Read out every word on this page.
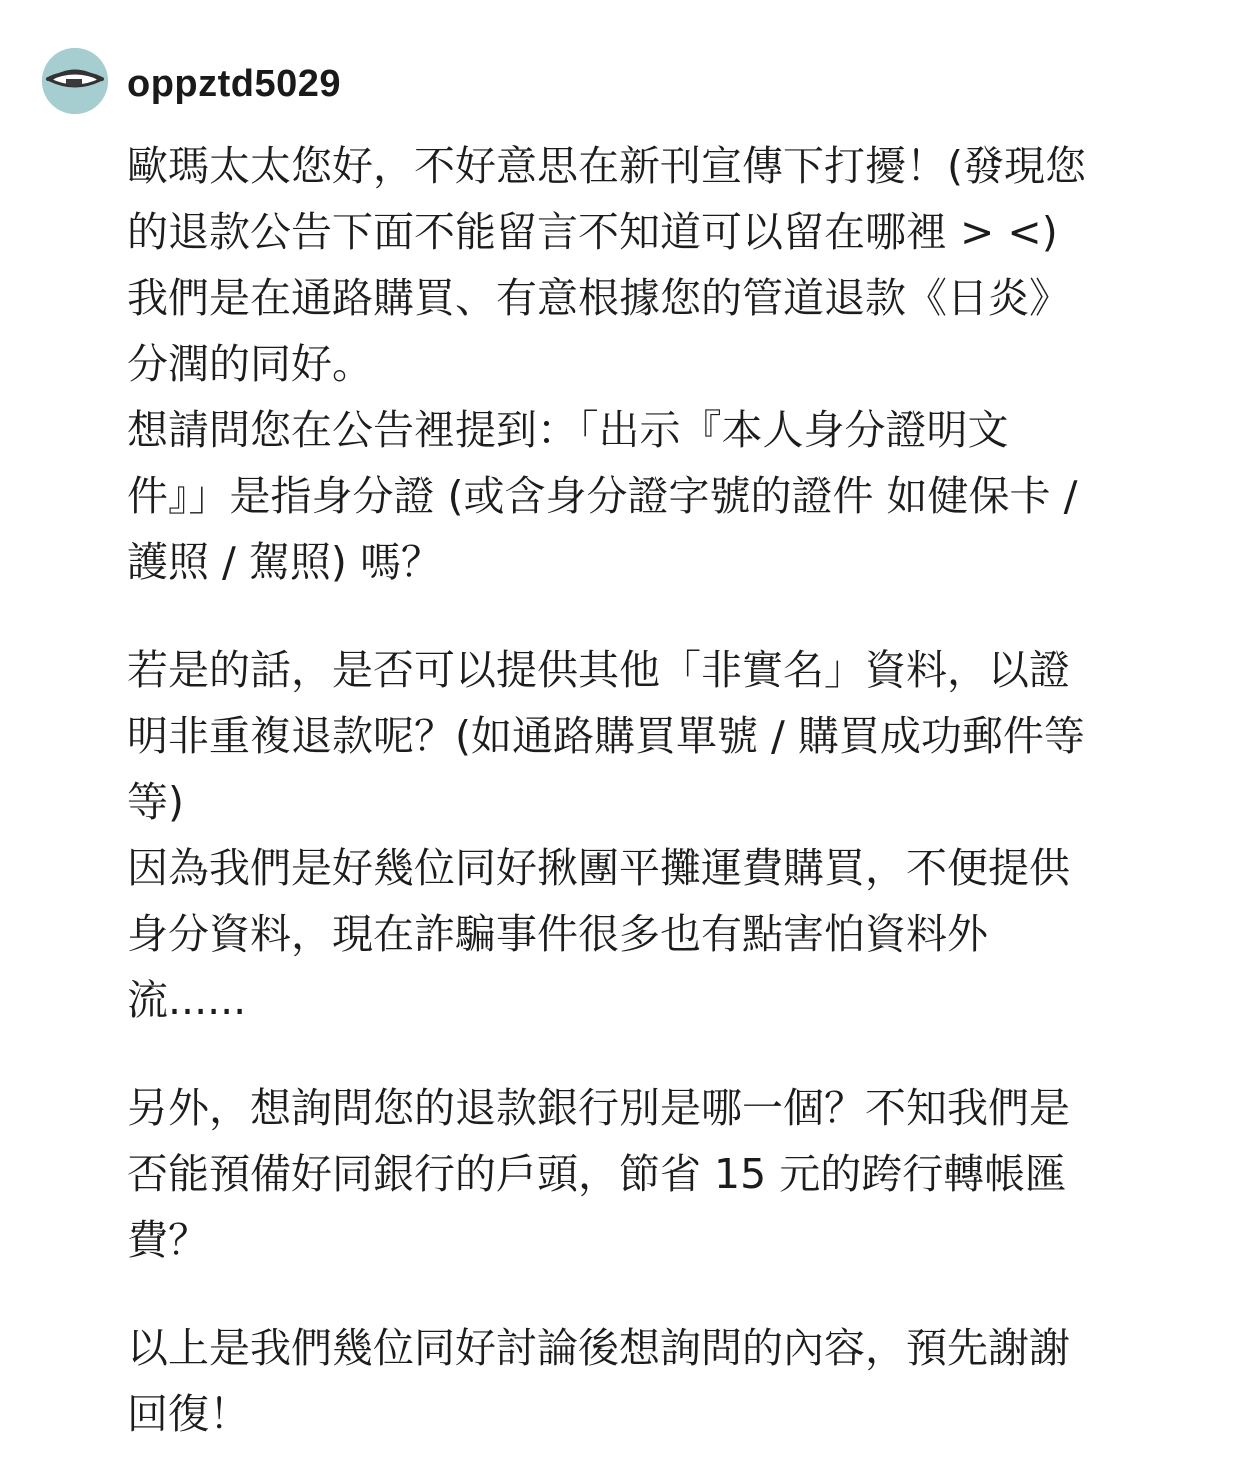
oppztd5029
歐瑪太太您好，不好意思在新刊宣傳下打擾！(發現您
的退款公告下面不能留言不知道可以留在哪裡 > <)
我們是在通路購買、有意根據您的管道退款《日炎》
分潤的同好。
想請問您在公告裡提到：「出示『本人身分證明文
件』」是指身分證 (或含身分證字號的證件 如健保卡 /
護照 / 駕照) 嗎？
若是的話，是否可以提供其他「非實名」資料，以證
明非重複退款呢？(如通路購買單號 / 購買成功郵件等
等)
因為我們是好幾位同好揪團平攤運費購買，不便提供
身分資料，現在詐騙事件很多也有點害怕資料外
流......
另外，想詢問您的退款銀行別是哪一個？不知我們是
否能預備好同銀行的戶頭，節省 15 元的跨行轉帳匯
費？
以上是我們幾位同好討論後想詢問的內容，預先謝謝
回復！
